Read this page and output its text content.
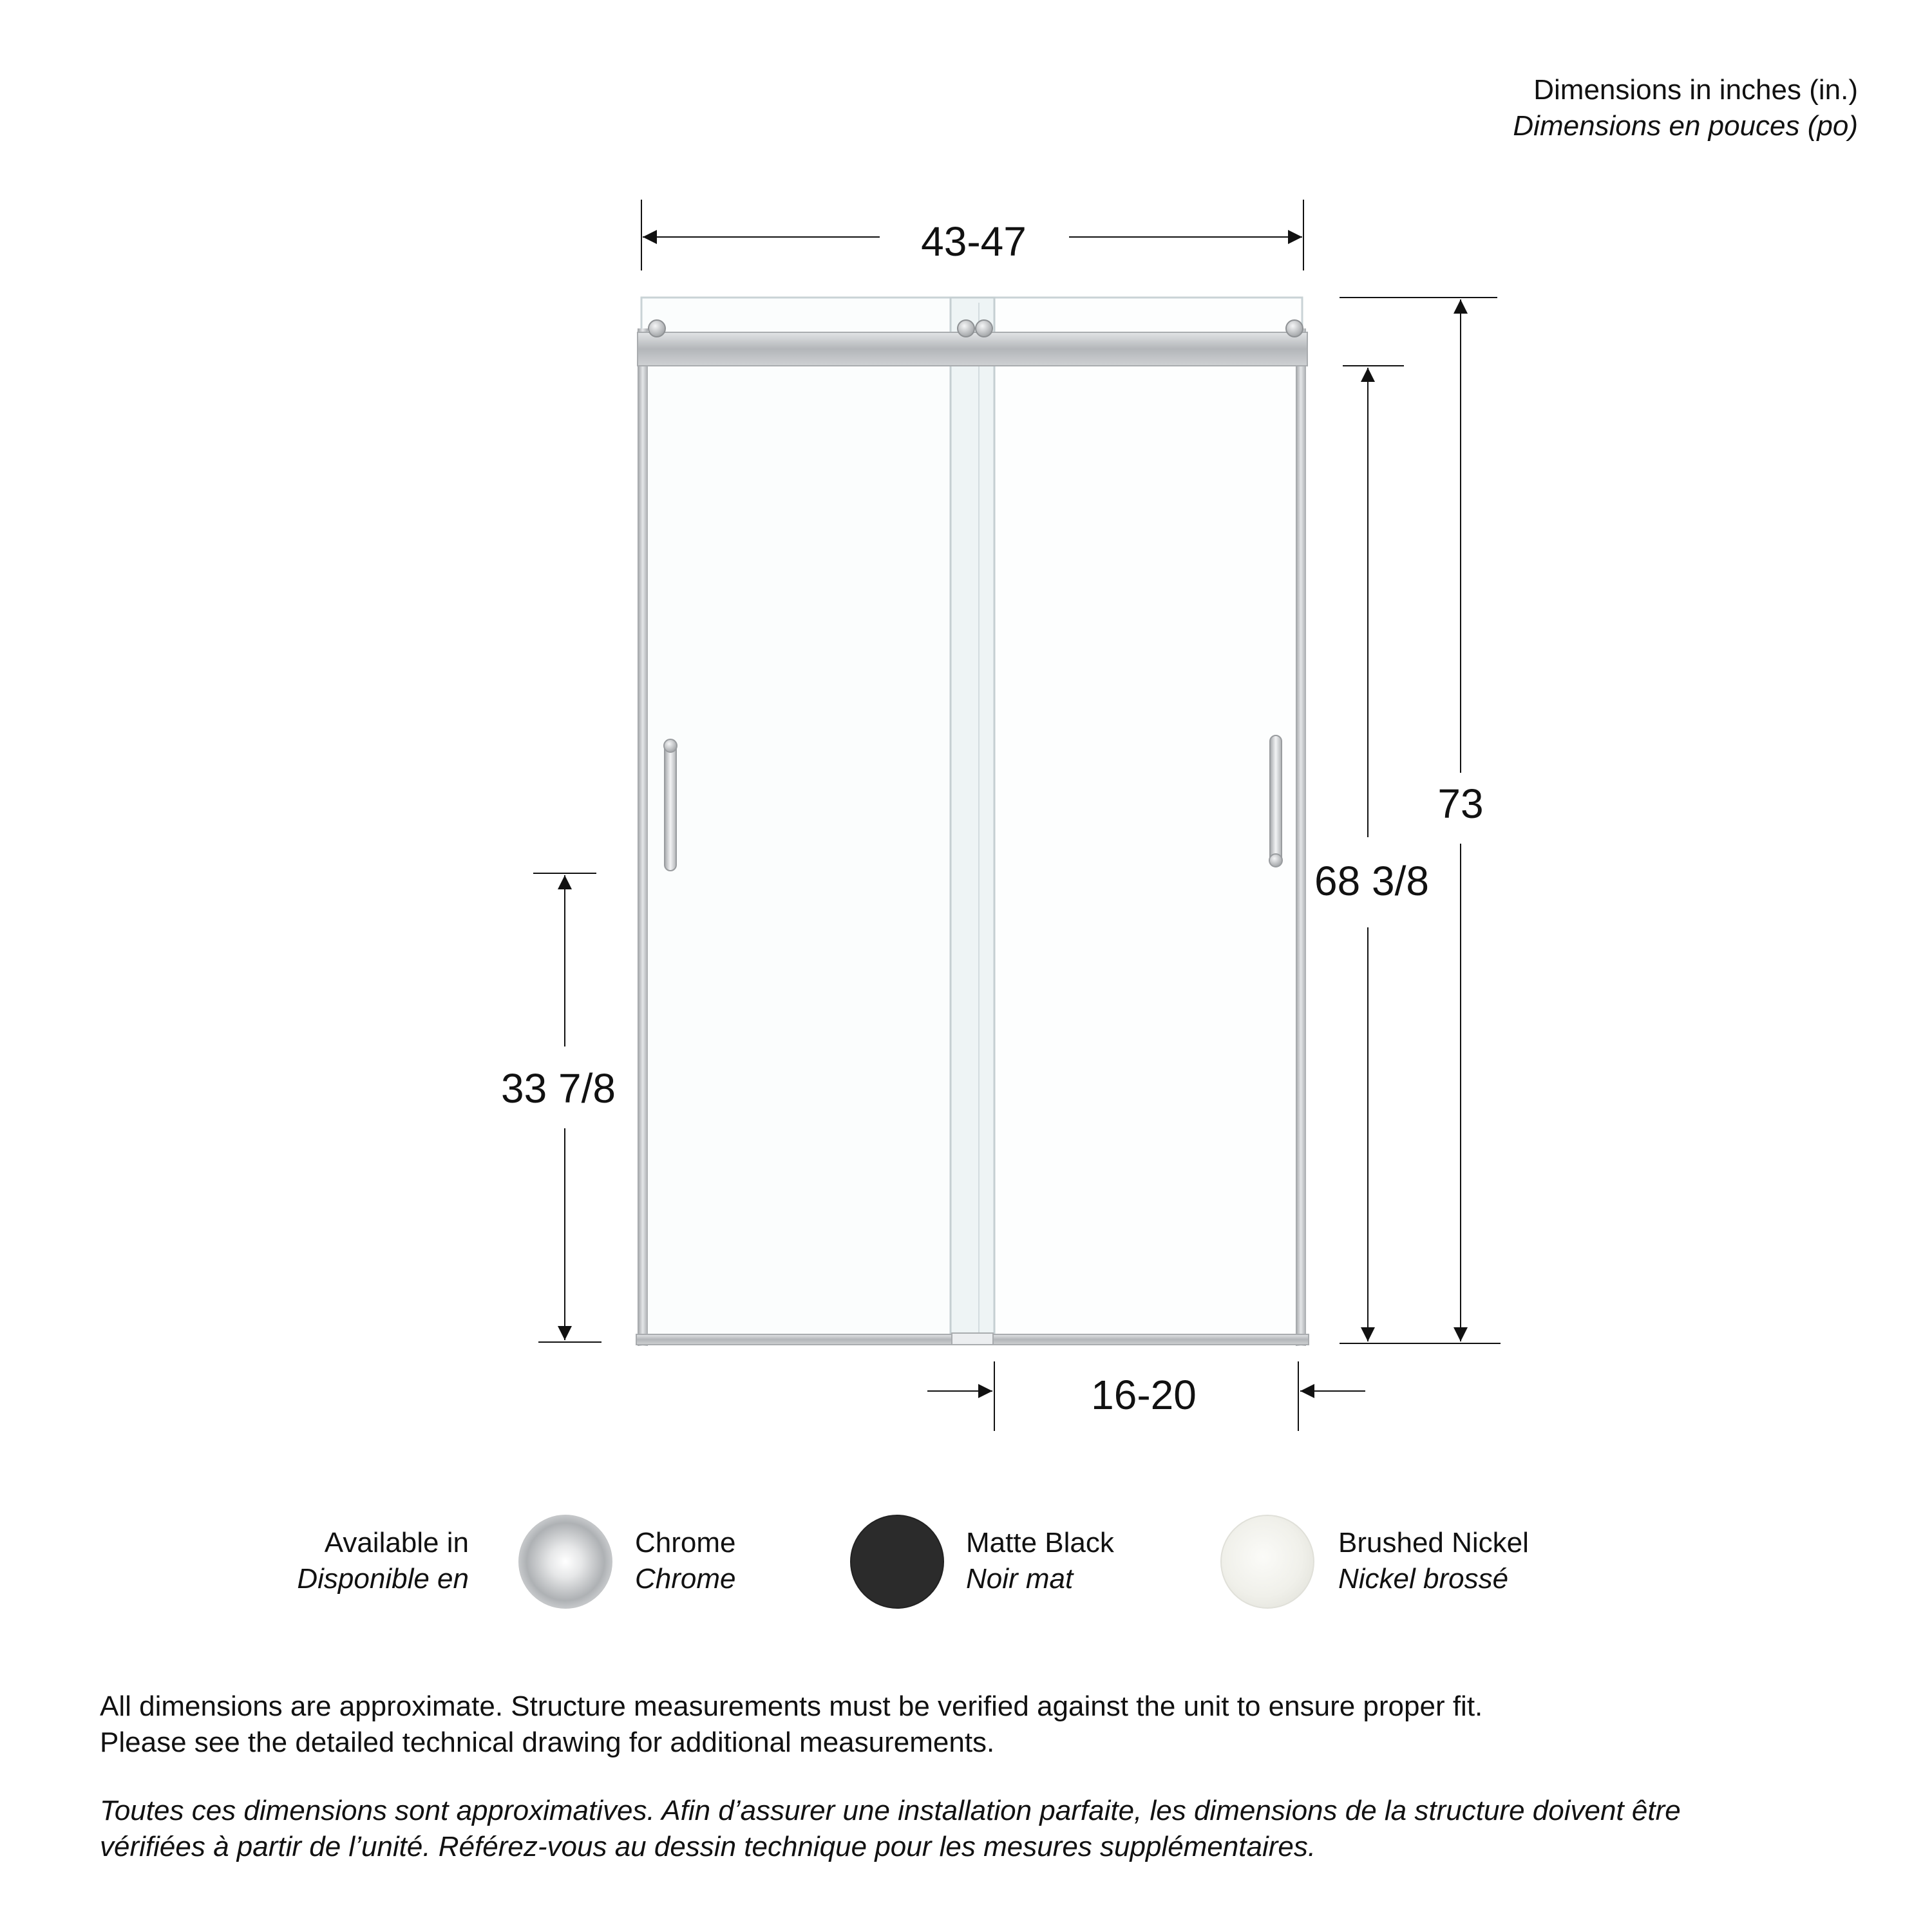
Dimensions in inches (in.)
Dimensions en pouces (po)
43-47
73
68 3/8
33 7/8
16-20
Available in
Disponible en
Chrome
Chrome
Matte Black
Noir mat
Brushed Nickel
Nickel brossé
All dimensions are approximate. Structure measurements must be verified against the unit to ensure proper fit.
Please see the detailed technical drawing for additional measurements.
Toutes ces dimensions sont approximatives. Afin d’assurer une installation parfaite, les dimensions de la structure doivent être
vérifiées à partir de l’unité. Référez-vous au dessin technique pour les mesures supplémentaires.
